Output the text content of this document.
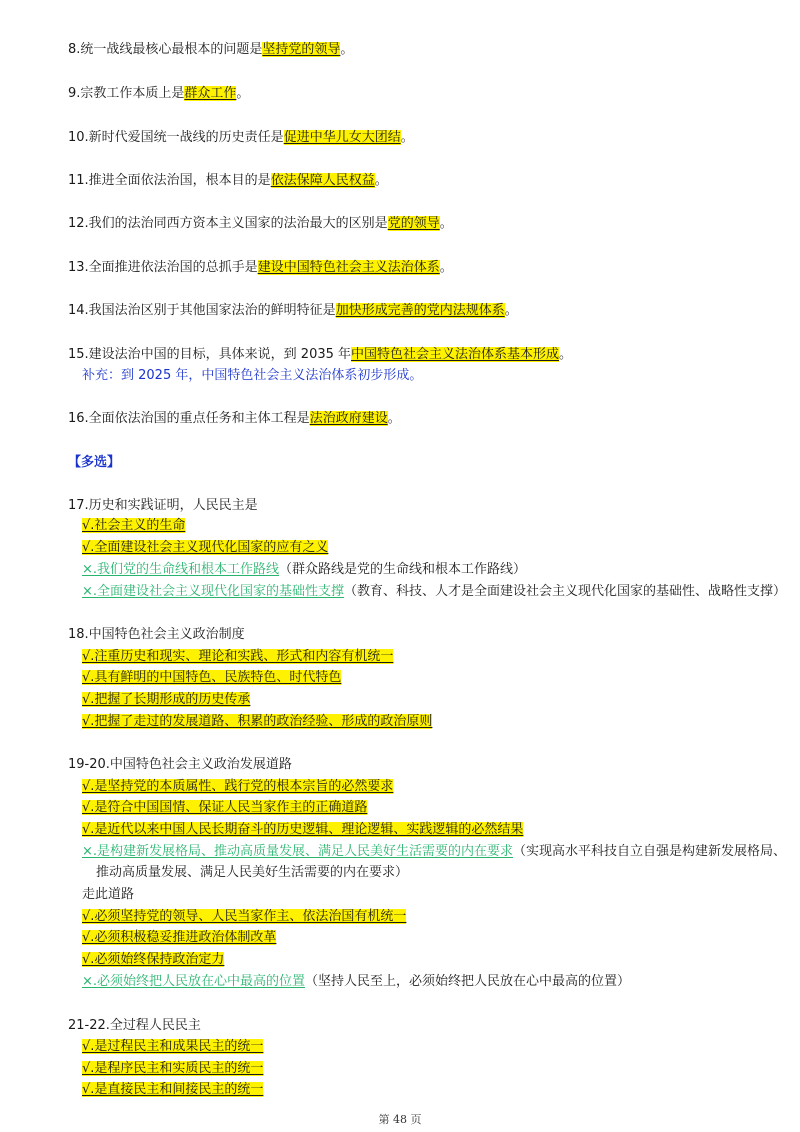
8.统一战线最核心最根本的问题是坚持党的领导。
9.宗教工作本质上是群众工作。
10.新时代爱国统一战线的历史责任是促进中华儿女大团结。
11.推进全面依法治国，根本目的是依法保障人民权益。
12.我们的法治同西方资本主义国家的法治最大的区别是党的领导。
13.全面推进依法治国的总抓手是建设中国特色社会主义法治体系。
14.我国法治区别于其他国家法治的鲜明特征是加快形成完善的党内法规体系。
15.建设法治中国的目标，具体来说，到 2035 年中国特色社会主义法治体系基本形成。
补充：到 2025 年，中国特色社会主义法治体系初步形成。
16.全面依法治国的重点任务和主体工程是法治政府建设。
【多选】
17.历史和实践证明，人民民主是
√.社会主义的生命
√.全面建设社会主义现代化国家的应有之义
×.我们党的生命线和根本工作路线（群众路线是党的生命线和根本工作路线）
×.全面建设社会主义现代化国家的基础性支撑（教育、科技、人才是全面建设社会主义现代化国家的基础性、战略性支撑）
18.中国特色社会主义政治制度
√.注重历史和现实、理论和实践、形式和内容有机统一
√.具有鲜明的中国特色、民族特色、时代特色
√.把握了长期形成的历史传承
√.把握了走过的发展道路、积累的政治经验、形成的政治原则
19-20.中国特色社会主义政治发展道路
√.是坚持党的本质属性、践行党的根本宗旨的必然要求
√.是符合中国国情、保证人民当家作主的正确道路
√.是近代以来中国人民长期奋斗的历史逻辑、理论逻辑、实践逻辑的必然结果
×.是构建新发展格局、推动高质量发展、满足人民美好生活需要的内在要求（实现高水平科技自立自强是构建新发展格局、
推动高质量发展、满足人民美好生活需要的内在要求）
走此道路
√.必须坚持党的领导、人民当家作主、依法治国有机统一
√.必须积极稳妥推进政治体制改革
√.必须始终保持政治定力
×.必须始终把人民放在心中最高的位置（坚持人民至上，必须始终把人民放在心中最高的位置）
21-22.全过程人民民主
√.是过程民主和成果民主的统一
√.是程序民主和实质民主的统一
√.是直接民主和间接民主的统一
第 48 页
